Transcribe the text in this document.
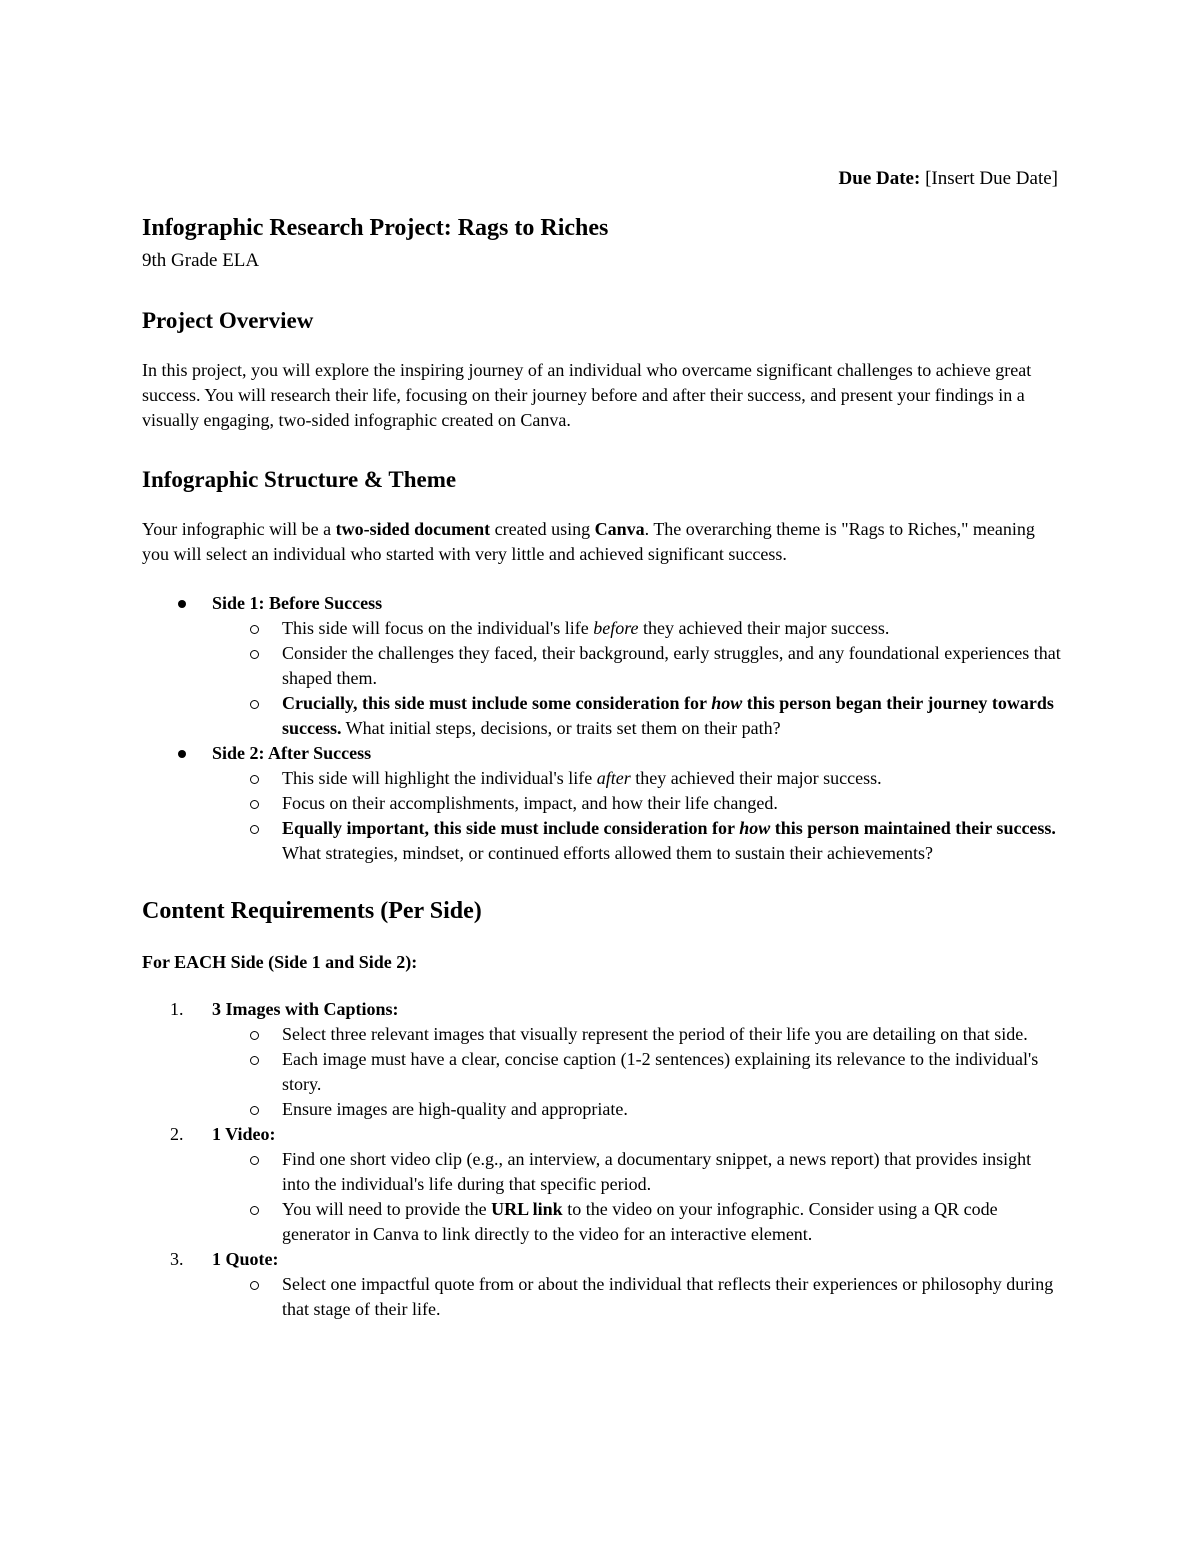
Due Date: [Insert Due Date]
Infographic Research Project: Rags to Riches
9th Grade ELA
Project Overview

In this project, you will explore the inspiring journey of an individual who overcame significant challenges to achieve great success. You will research their life, focusing on their journey before and after their success, and present your findings in a visually engaging, two-sided infographic created on Canva.

Infographic Structure & Theme

Your infographic will be a two-sided document created using Canva. The overarching theme is "Rags to Riches," meaning you will select an individual who started with very little and achieved significant success.

Side 1: Before Success
This side will focus on the individual's life before they achieved their major success.
Consider the challenges they faced, their background, early struggles, and any foundational experiences that shaped them.
Crucially, this side must include some consideration for how this person began their journey towards success. What initial steps, decisions, or traits set them on their path?
Side 2: After Success
This side will highlight the individual's life after they achieved their major success.
Focus on their accomplishments, impact, and how their life changed.
Equally important, this side must include consideration for how this person maintained their success. What strategies, mindset, or continued efforts allowed them to sustain their achievements?
Content Requirements (Per Side)

For EACH Side (Side 1 and Side 2):

1.	3 Images with Captions:
Select three relevant images that visually represent the period of their life you are detailing on that side.
Each image must have a clear, concise caption (1-2 sentences) explaining its relevance to the individual's story.
Ensure images are high-quality and appropriate.
2.	1 Video:
Find one short video clip (e.g., an interview, a documentary snippet, a news report) that provides insight into the individual's life during that specific period.
You will need to provide the URL link to the video on your infographic. Consider using a QR code generator in Canva to link directly to the video for an interactive element.
3.	1 Quote:
Select one impactful quote from or about the individual that reflects their experiences or philosophy during that stage of their life.
